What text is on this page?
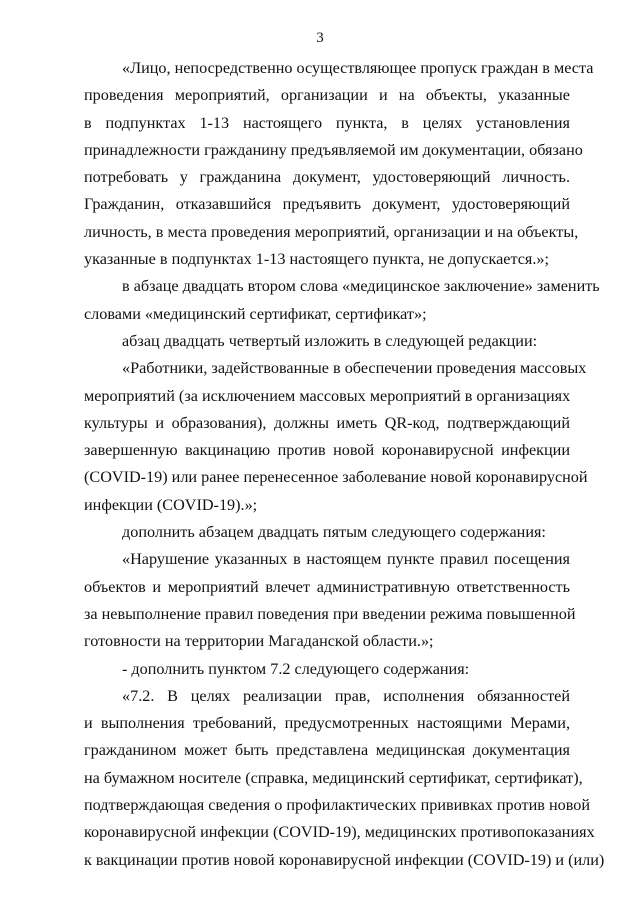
3
«Лицо, непосредственно осуществляющее пропуск граждан в места
проведения мероприятий, организации и на объекты, указанные
в подпунктах 1-13 настоящего пункта, в целях установления
принадлежности гражданину предъявляемой им документации, обязано
потребовать у гражданина документ, удостоверяющий личность.
Гражданин, отказавшийся предъявить документ, удостоверяющий
личность, в места проведения мероприятий, организации и на объекты,
указанные в подпунктах 1-13 настоящего пункта, не допускается.»;
в абзаце двадцать втором слова «медицинское заключение» заменить
словами «медицинский сертификат, сертификат»;
абзац двадцать четвертый изложить в следующей редакции:
«Работники, задействованные в обеспечении проведения массовых
мероприятий (за исключением массовых мероприятий в организациях
культуры и образования), должны иметь QR-код, подтверждающий
завершенную вакцинацию против новой коронавирусной инфекции
(COVID-19) или ранее перенесенное заболевание новой коронавирусной
инфекции (COVID-19).»;
дополнить абзацем двадцать пятым следующего содержания:
«Нарушение указанных в настоящем пункте правил посещения
объектов и мероприятий влечет административную ответственность
за невыполнение правил поведения при введении режима повышенной
готовности на территории Магаданской области.»;
- дополнить пунктом 7.2 следующего содержания:
«7.2. В целях реализации прав, исполнения обязанностей
и выполнения требований, предусмотренных настоящими Мерами,
гражданином может быть представлена медицинская документация
на бумажном носителе (справка, медицинский сертификат, сертификат),
подтверждающая сведения о профилактических прививках против новой
коронавирусной инфекции (COVID-19), медицинских противопоказаниях
к вакцинации против новой коронавирусной инфекции (COVID-19) и (или)
